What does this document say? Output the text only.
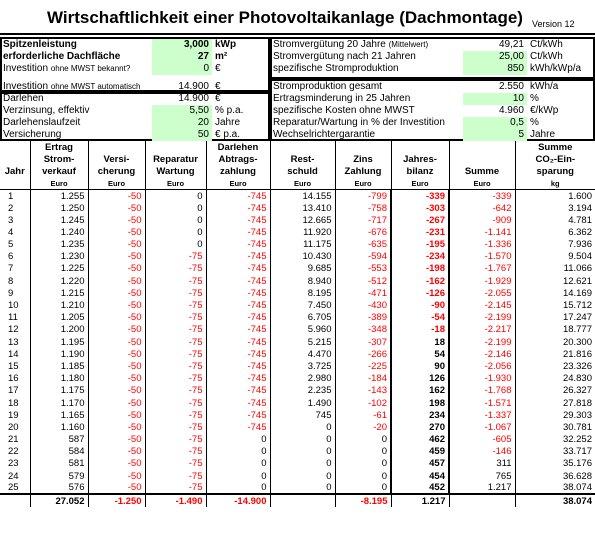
Wirtschaftlichkeit einer Photovoltaikanlage (Dachmontage) Version 12
	Ertrag			Darlehen					Summe
	Strom-	Versi-	Reparatur	Abtrags-	Rest-	Zins	Jahres-		CO₂-Ein-
Jahr	verkauf	cherung	Wartung	zahlung	schuld	Zahlung	bilanz	Summe	sparung
	Euro	Euro	Euro	Euro	Euro	Euro	Euro	Euro	kg
1	1.255	-50	0	-745	14.155	-799	-339	-339	1.600
2	1.250	-50	0	-745	13.410	-758	-303	-642	3.194
3	1.245	-50	0	-745	12.665	-717	-267	-909	4.781
4	1.240	-50	0	-745	11.920	-676	-231	-1.141	6.362
5	1.235	-50	0	-745	11.175	-635	-195	-1.336	7.936
6	1.230	-50	-75	-745	10.430	-594	-234	-1.570	9.504
7	1.225	-50	-75	-745	9.685	-553	-198	-1.767	11.066
8	1.220	-50	-75	-745	8.940	-512	-162	-1.929	12.621
9	1.215	-50	-75	-745	8.195	-471	-126	-2.055	14.169
10	1.210	-50	-75	-745	7.450	-430	-90	-2.145	15.712
11	1.205	-50	-75	-745	6.705	-389	-54	-2.199	17.247
12	1.200	-50	-75	-745	5.960	-348	-18	-2.217	18.777
13	1.195	-50	-75	-745	5.215	-307	18	-2.199	20.300
14	1.190	-50	-75	-745	4.470	-266	54	-2.146	21.816
15	1.185	-50	-75	-745	3.725	-225	90	-2.056	23.326
16	1.180	-50	-75	-745	2.980	-184	126	-1.930	24.830
17	1.175	-50	-75	-745	2.235	-143	162	-1.768	26.327
18	1.170	-50	-75	-745	1.490	-102	198	-1.571	27.818
19	1.165	-50	-75	-745	745	-61	234	-1.337	29.303
20	1.160	-50	-75	-745	0	-20	270	-1.067	30.781
21	587	-50	-75	0	0	0	462	-605	32.252
22	584	-50	-75	0	0	0	459	-146	33.717
23	581	-50	-75	0	0	0	457	311	35.176
24	579	-50	-75	0	0	0	454	765	36.628
25	576	-50	-75	0	0	0	452	1.217	38.074
	27.052	-1.250	-1.490	-14.900		-8.195	1.217		38.074
Spitzenleistung	3,000 kWp
erforderliche Dachfläche	27 m²
Investition ohne MWST bekannt?	0 €
Investition ohne MWST automatisch	14.900 €
Darlehen	14.900 €
Verzinsung, effektiv	5,50 % p.a.
Darlehenslaufzeit	20 Jahre
Versicherung	50 € p.a.
Stromvergütung 20 Jahre (Mittelwert)	49,21 Ct/kWh
Stromvergütung nach 21 Jahren	25,00 Ct/kWh
spezifische Stromproduktion	850 kWh/kWp/a
Stromproduktion gesamt	2.550 kWh/a
Ertragsminderung in 25 Jahren	10 %
spezifische Kosten ohne MWST	4.960 €/kWp
Reparatur/Wartung in % der Investition	0,5 %
Wechselrichtergarantie	5 Jahre
